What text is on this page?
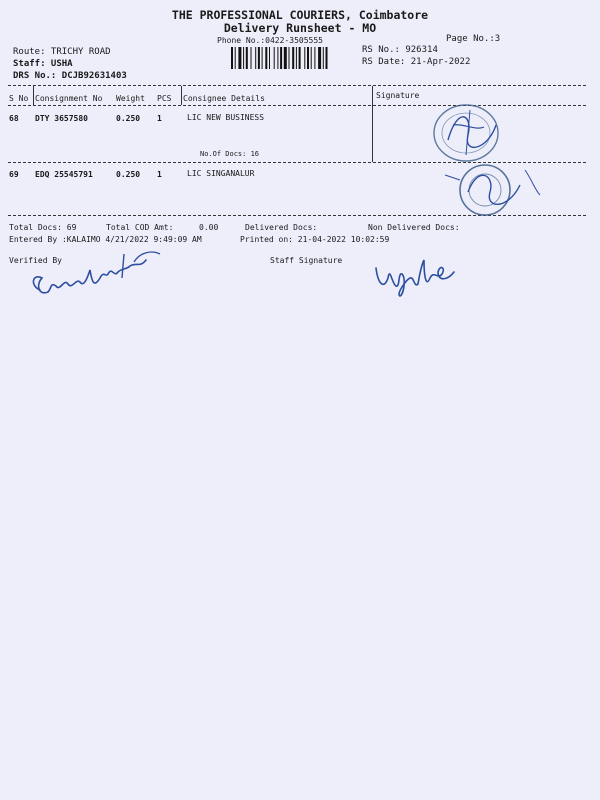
THE PROFESSIONAL COURIERS, Coimbatore
Delivery Runsheet - MO
Phone No.:0422-3505555	Page No.:3
Route: TRICHY ROAD
Staff: USHA
DRS No.: DCJB92631403
RS No.: 926314
RS Date: 21-Apr-2022
S No Consignment No Weight PCS Consignee Details	Signature
68 DTY 3657580	0.250 1	LIC NEW BUSINESS
No.Of Docs: 16
69 EDQ 25545791	0.250 1	LIC SINGANALUR
Total Docs: 69	Total COD Amt:	0.00	Delivered Docs:	Non Delivered Docs:
Entered By :KALAIMO 4/21/2022 9:49:09 AM	Printed on: 21-04-2022 10:02:59
Verified By	Staff Signature
